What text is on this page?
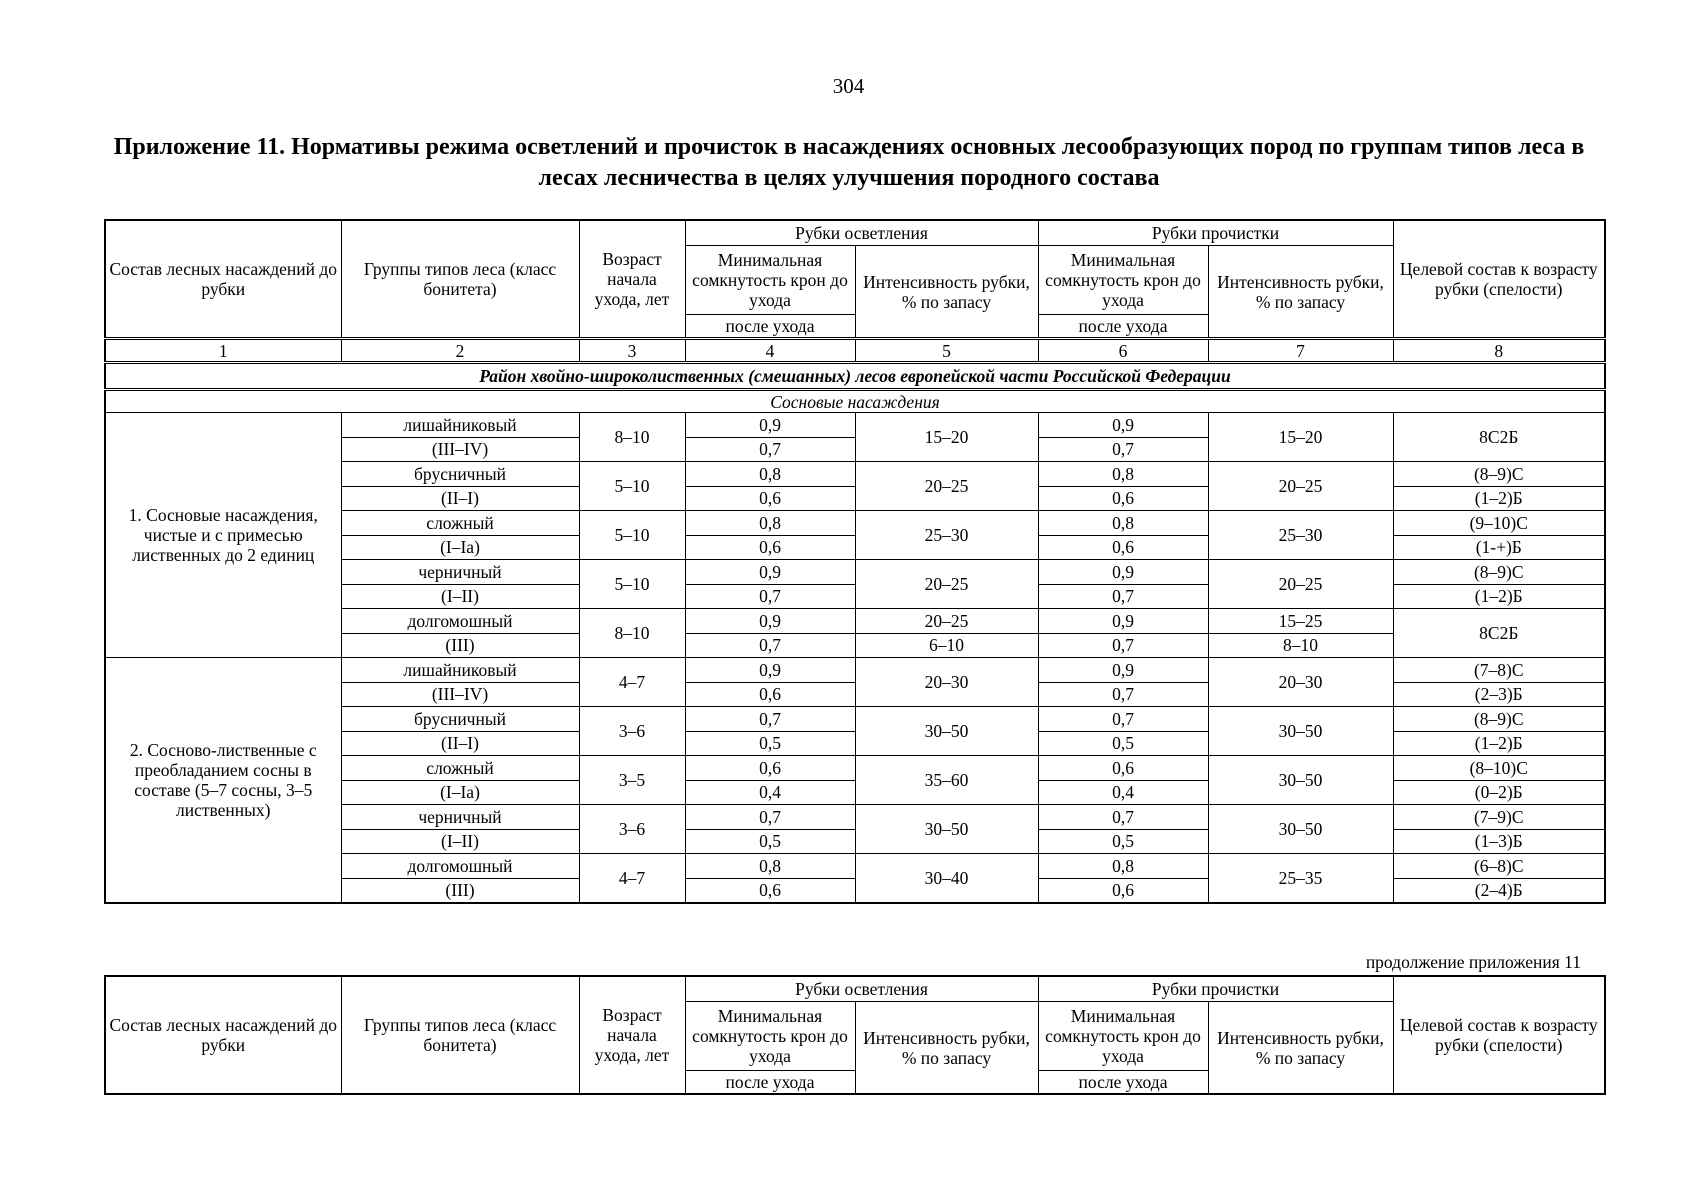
304
Приложение 11. Нормативы режима осветлений и прочисток в насаждениях основных лесообразующих пород по группам типов леса в лесах лесничества в целях улучшения породного состава
Состав лесных насаждений до рубки	Группы типов леса (класс бонитета)	Возраст начала ухода, лет	Рубки осветления		Рубки прочистки		Целевой состав к возрасту рубки (спелости)
			Минимальная сомкнутость крон до ухода	Интенсивность рубки, % по запасу	Минимальная сомкнутость крон до ухода	Интенсивность рубки, % по запасу	
			после ухода		после ухода		
1	2	3	4	5	6	7	8
Район хвойно-широколиственных (смешанных) лесов европейской части Российской Федерации							
Сосновые насаждения							
1. Сосновые насаждения, чистые и с примесью лиственных до 2 единиц	лишайниковый	8–10	0,9	15–20	0,9	15–20	8С2Б
	(III–IV)		0,7		0,7		
	брусничный	5–10	0,8	20–25	0,8	20–25	(8–9)С
	(II–I)		0,6		0,6		(1–2)Б
	сложный	5–10	0,8	25–30	0,8	25–30	(9–10)С
	(I–Iа)		0,6		0,6		(1-+)Б
	черничный	5–10	0,9	20–25	0,9	20–25	(8–9)С
	(I–II)		0,7		0,7		(1–2)Б
	долгомошный	8–10	0,9	20–25	0,9	15–25	8С2Б
	(III)		0,7	6–10	0,7	8–10	
2. Сосново-лиственные с преобладанием сосны в составе (5–7 сосны, 3–5 лиственных)	лишайниковый	4–7	0,9	20–30	0,9	20–30	(7–8)С
	(III–IV)		0,6		0,7		(2–3)Б
	брусничный	3–6	0,7	30–50	0,7	30–50	(8–9)С
	(II–I)		0,5		0,5		(1–2)Б
	сложный	3–5	0,6	35–60	0,6	30–50	(8–10)С
	(I–Iа)		0,4		0,4		(0–2)Б
	черничный	3–6	0,7	30–50	0,7	30–50	(7–9)С
	(I–II)		0,5		0,5		(1–3)Б
	долгомошный	4–7	0,8	30–40	0,8	25–35	(6–8)С
	(III)		0,6		0,6		(2–4)Б
продолжение приложения 11
Состав лесных насаждений до рубки	Группы типов леса (класс бонитета)	Возраст начала ухода, лет	Рубки осветления		Рубки прочистки		Целевой состав к возрасту рубки (спелости)
			Минимальная сомкнутость крон до ухода	Интенсивность рубки, % по запасу	Минимальная сомкнутость крон до ухода	Интенсивность рубки, % по запасу	
			после ухода		после ухода		
